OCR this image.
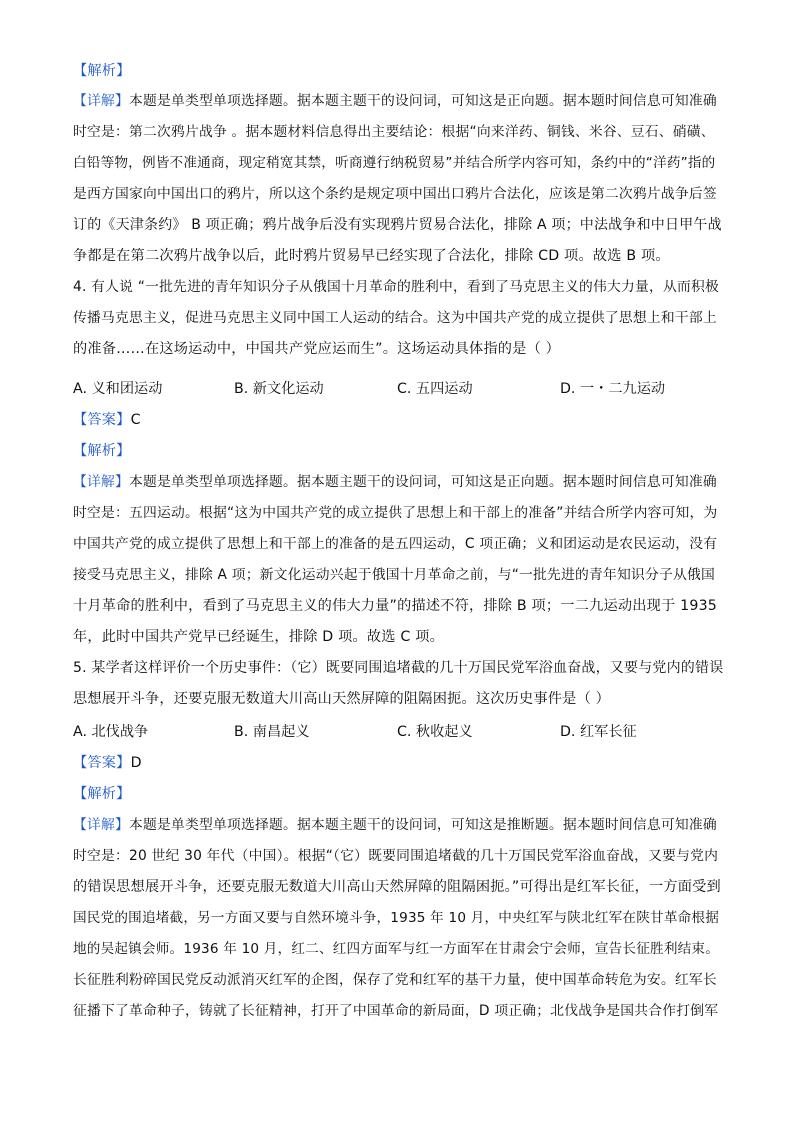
【解析】
【详解】本题是单类型单项选择题。据本题主题干的设问词，可知这是正向题。据本题时间信息可知准确
时空是：第二次鸦片战争 。据本题材料信息得出主要结论：根据“向来洋药、铜钱、米谷、豆石、硝磺、
白铅等物，例皆不准通商，现定稍宽其禁，听商遵行纳税贸易”并结合所学内容可知，条约中的“洋药”指的
是西方国家向中国出口的鸦片，所以这个条约是规定项中国出口鸦片合法化，应该是第二次鸦片战争后签
订的《天津条约》 B 项正确；鸦片战争后没有实现鸦片贸易合法化，排除 A 项；中法战争和中日甲午战
争都是在第二次鸦片战争以后，此时鸦片贸易早已经实现了合法化，排除 CD 项。故选 B 项。
4. 有人说 “一批先进的青年知识分子从俄国十月革命的胜利中，看到了马克思主义的伟大力量，从而积极
传播马克思主义，促进马克思主义同中国工人运动的结合。这为中国共产党的成立提供了思想上和干部上
的准备……在这场运动中，中国共产党应运而生”。这场运动具体指的是（ ）
A. 义和团运动	B. 新文化运动	C. 五四运动	D. 一・二九运动
【答案】C
【解析】
【详解】本题是单类型单项选择题。据本题主题干的设问词，可知这是正向题。据本题时间信息可知准确
时空是：五四运动。根据“这为中国共产党的成立提供了思想上和干部上的准备”并结合所学内容可知，为
中国共产党的成立提供了思想上和干部上的准备的是五四运动，C 项正确；义和团运动是农民运动，没有
接受马克思主义，排除 A 项；新文化运动兴起于俄国十月革命之前，与“一批先进的青年知识分子从俄国
十月革命的胜利中，看到了马克思主义的伟大力量”的描述不符，排除 B 项；一二九运动出现于 1935
年，此时中国共产党早已经诞生，排除 D 项。故选 C 项。
5. 某学者这样评价一个历史事件：（它）既要同围追堵截的几十万国民党军浴血奋战，又要与党内的错误
思想展开斗争，还要克服无数道大川高山天然屏障的阻隔困扼。这次历史事件是（ ）
A. 北伐战争	B. 南昌起义	C. 秋收起义	D. 红军长征
【答案】D
【解析】
【详解】本题是单类型单项选择题。据本题主题干的设问词，可知这是推断题。据本题时间信息可知准确
时空是：20 世纪 30 年代（中国）。根据“（它）既要同围追堵截的几十万国民党军浴血奋战，又要与党内
的错误思想展开斗争，还要克服无数道大川高山天然屏障的阻隔困扼。”可得出是红军长征，一方面受到
国民党的围追堵截，另一方面又要与自然环境斗争，1935 年 10 月，中央红军与陕北红军在陕甘革命根据
地的吴起镇会师。1936 年 10 月，红二、红四方面军与红一方面军在甘肃会宁会师，宣告长征胜利结束。
长征胜利粉碎国民党反动派消灭红军的企图，保存了党和红军的基干力量，使中国革命转危为安。红军长
征播下了革命种子，铸就了长征精神，打开了中国革命的新局面，D 项正确；北伐战争是国共合作打倒军
